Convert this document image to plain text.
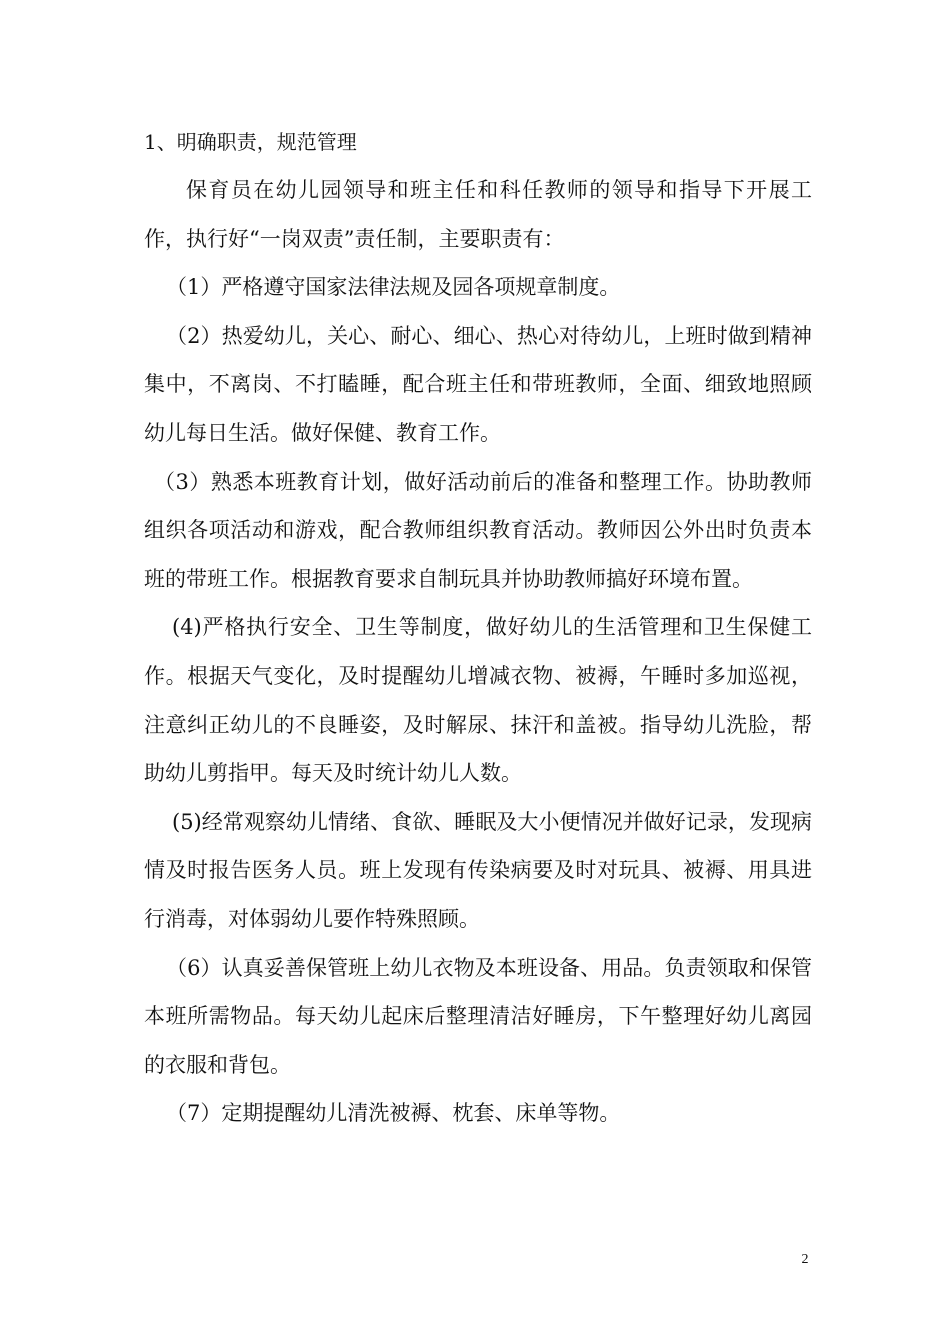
1、明确职责，规范管理

保育员在幼儿园领导和班主任和科任教师的领导和指导下开展工作，执行好“一岗双责”责任制，主要职责有：

（1）严格遵守国家法律法规及园各项规章制度。

（2）热爱幼儿，关心、耐心、细心、热心对待幼儿，上班时做到精神集中，不离岗、不打瞌睡，配合班主任和带班教师，全面、细致地照顾幼儿每日生活。做好保健、教育工作。

（3）熟悉本班教育计划，做好活动前后的准备和整理工作。协助教师组织各项活动和游戏，配合教师组织教育活动。教师因公外出时负责本班的带班工作。根据教育要求自制玩具并协助教师搞好环境布置。

(4)严格执行安全、卫生等制度，做好幼儿的生活管理和卫生保健工作。根据天气变化，及时提醒幼儿增减衣物、被褥，午睡时多加巡视，注意纠正幼儿的不良睡姿，及时解尿、抹汗和盖被。指导幼儿洗脸，帮助幼儿剪指甲。每天及时统计幼儿人数。

(5)经常观察幼儿情绪、食欲、睡眠及大小便情况并做好记录，发现病情及时报告医务人员。班上发现有传染病要及时对玩具、被褥、用具进行消毒，对体弱幼儿要作特殊照顾。

（6）认真妥善保管班上幼儿衣物及本班设备、用品。负责领取和保管本班所需物品。每天幼儿起床后整理清洁好睡房，下午整理好幼儿离园的衣服和背包。

（7）定期提醒幼儿清洗被褥、枕套、床单等物。

2
